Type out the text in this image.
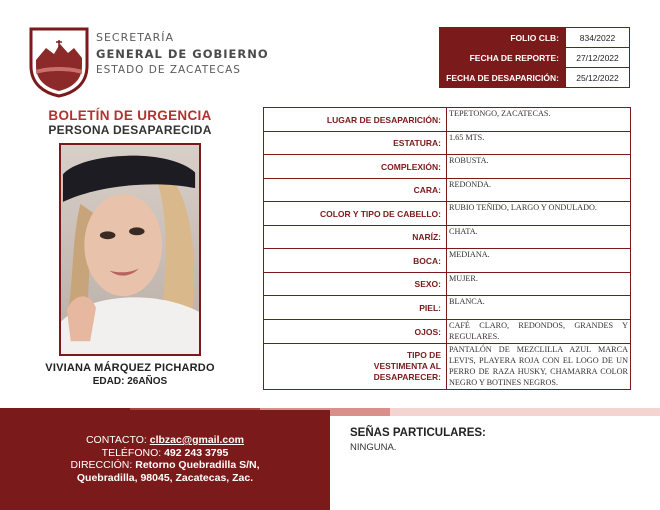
SECRETARÍA
GENERAL DE GOBIERNO
ESTADO DE ZACATECAS
FOLIO CLB:	834/2022
FECHA DE REPORTE:	27/12/2022
FECHA DE DESAPARICIÓN:	25/12/2022
BOLETÍN DE URGENCIA
PERSONA DESAPARECIDA
VIVIANA MÁRQUEZ PICHARDO
EDAD: 26AÑOS
LUGAR DE DESAPARICIÓN:	TEPETONGO, ZACATECAS.
ESTATURA:	1.65 MTS.
COMPLEXIÓN:	ROBUSTA.
CARA:	REDONDA.
COLOR Y TIPO DE CABELLO:	RUBIO TEÑIDO, LARGO Y ONDULADO.
NARÍZ:	CHATA.
BOCA:	MEDIANA.
SEXO:	MUJER.
PIEL:	BLANCA.
OJOS:	CAFÉ CLARO, REDONDOS, GRANDES Y REGULARES.
TIPO DE VESTIMENTA AL DESAPARECER:	PANTALÓN DE MEZCLILLA AZUL MARCA LEVI'S, PLAYERA ROJA CON EL LOGO DE UN PERRO DE RAZA HUSKY, CHAMARRA COLOR NEGRO Y BOTINES NEGROS.
CONTACTO: clbzac@gmail.com
TELÉFONO: 492 243 3795
DIRECCIÓN: Retorno Quebradilla S/N,
Quebradilla, 98045, Zacatecas, Zac.
SEÑAS PARTICULARES:
NINGUNA.
